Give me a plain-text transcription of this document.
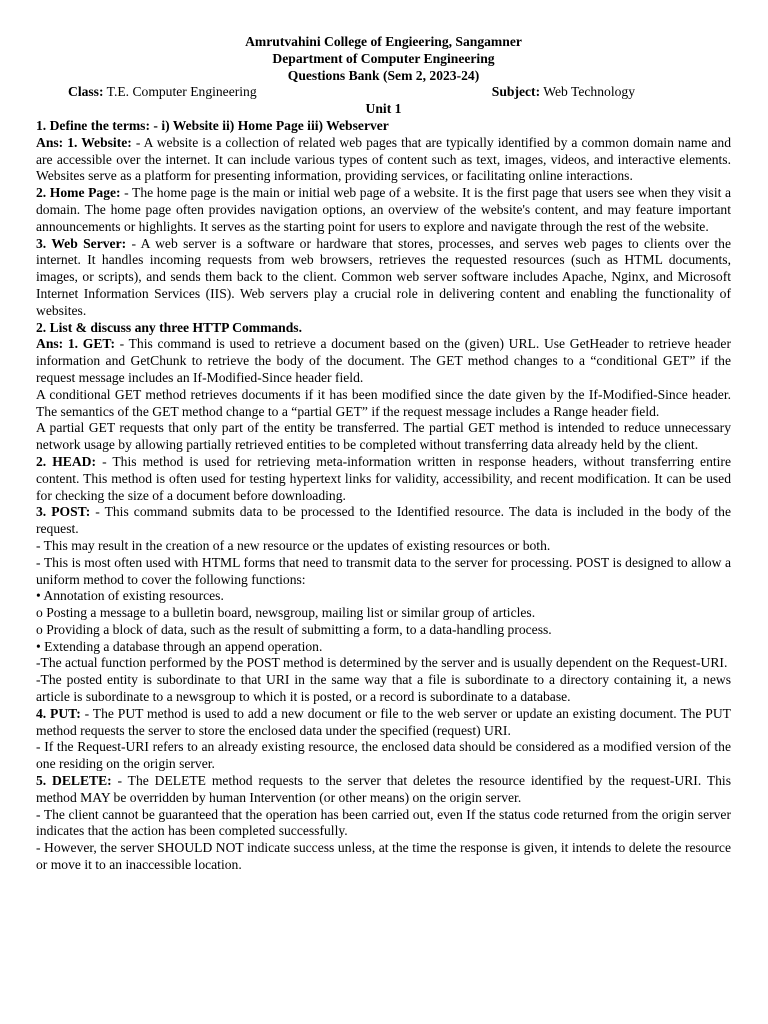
Amrutvahini College of Engieering, Sangamner
Department of Computer Engineering
Questions Bank (Sem 2, 2023-24)
Class: T.E. Computer Engineering	Subject: Web Technology
Unit 1

1. Define the terms: - i) Website ii) Home Page iii) Webserver

Ans: 1. Website: - A website is a collection of related web pages that are typically identified by a common domain name and are accessible over the internet. It can include various types of content such as text, images, videos, and interactive elements. Websites serve as a platform for presenting information, providing services, or facilitating online interactions.

2. Home Page: - The home page is the main or initial web page of a website. It is the first page that users see when they visit a domain. The home page often provides navigation options, an overview of the website's content, and may feature important announcements or highlights. It serves as the starting point for users to explore and navigate through the rest of the website.

3. Web Server: - A web server is a software or hardware that stores, processes, and serves web pages to clients over the internet. It handles incoming requests from web browsers, retrieves the requested resources (such as HTML documents, images, or scripts), and sends them back to the client. Common web server software includes Apache, Nginx, and Microsoft Internet Information Services (IIS). Web servers play a crucial role in delivering content and enabling the functionality of websites.

2. List & discuss any three HTTP Commands.

Ans: 1. GET: - This command is used to retrieve a document based on the (given) URL. Use GetHeader to retrieve header information and GetChunk to retrieve the body of the document. The GET method changes to a “conditional GET” if the request message includes an If-Modified-Since header field.

A conditional GET method retrieves documents if it has been modified since the date given by the If-Modified-Since header. The semantics of the GET method change to a “partial GET” if the request message includes a Range header field.

A partial GET requests that only part of the entity be transferred. The partial GET method is intended to reduce unnecessary network usage by allowing partially retrieved entities to be completed without transferring data already held by the client.

2. HEAD: - This method is used for retrieving meta-information written in response headers, without transferring entire content. This method is often used for testing hypertext links for validity, accessibility, and recent modification. It can be used for checking the size of a document before downloading.

3. POST: - This command submits data to be processed to the Identified resource. The data is included in the body of the request.

- This may result in the creation of a new resource or the updates of existing resources or both.

- This is most often used with HTML forms that need to transmit data to the server for processing. POST is designed to allow a uniform method to cover the following functions:

• Annotation of existing resources.

o Posting a message to a bulletin board, newsgroup, mailing list or similar group of articles.

o Providing a block of data, such as the result of submitting a form, to a data-handling process.

• Extending a database through an append operation.

-The actual function performed by the POST method is determined by the server and is usually dependent on the Request-URI.

-The posted entity is subordinate to that URI in the same way that a file is subordinate to a directory containing it, a news article is subordinate to a newsgroup to which it is posted, or a record is subordinate to a database.

4. PUT: - The PUT method is used to add a new document or file to the web server or update an existing document. The PUT method requests the server to store the enclosed data under the specified (request) URI.

- If the Request-URI refers to an already existing resource, the enclosed data should be considered as a modified version of the one residing on the origin server.

5. DELETE: - The DELETE method requests to the server that deletes the resource identified by the request-URI. This method MAY be overridden by human Intervention (or other means) on the origin server.

- The client cannot be guaranteed that the operation has been carried out, even If the status code returned from the origin server indicates that the action has been completed successfully.

- However, the server SHOULD NOT indicate success unless, at the time the response is given, it intends to delete the resource or move it to an inaccessible location.
